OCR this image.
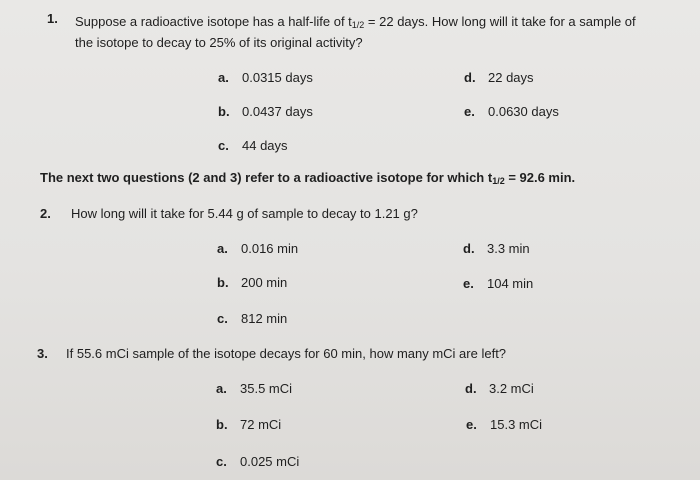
1. Suppose a radioactive isotope has a half-life of $t_{1/2} = 22$ days. How long will it take for a sample of
the isotope to decay to 25% of its original activity?
a. 0.0315 days	d. 22 days
b. 0.0437 days	e. 0.0630 days
c. 44 days
The next two questions (2 and 3) refer to a radioactive isotope for which $t_{1/2} = 92.6$ min.
2. How long will it take for 5.44 g of sample to decay to 1.21 g?
a. 0.016 min	d. 3.3 min
b. 200 min	e. 104 min
c. 812 min
3. If 55.6 mCi sample of the isotope decays for 60 min, how many mCi are left?
a. 35.5 mCi	d. 3.2 mCi
b. 72 mCi	e. 15.3 mCi
c. 0.025 mCi
